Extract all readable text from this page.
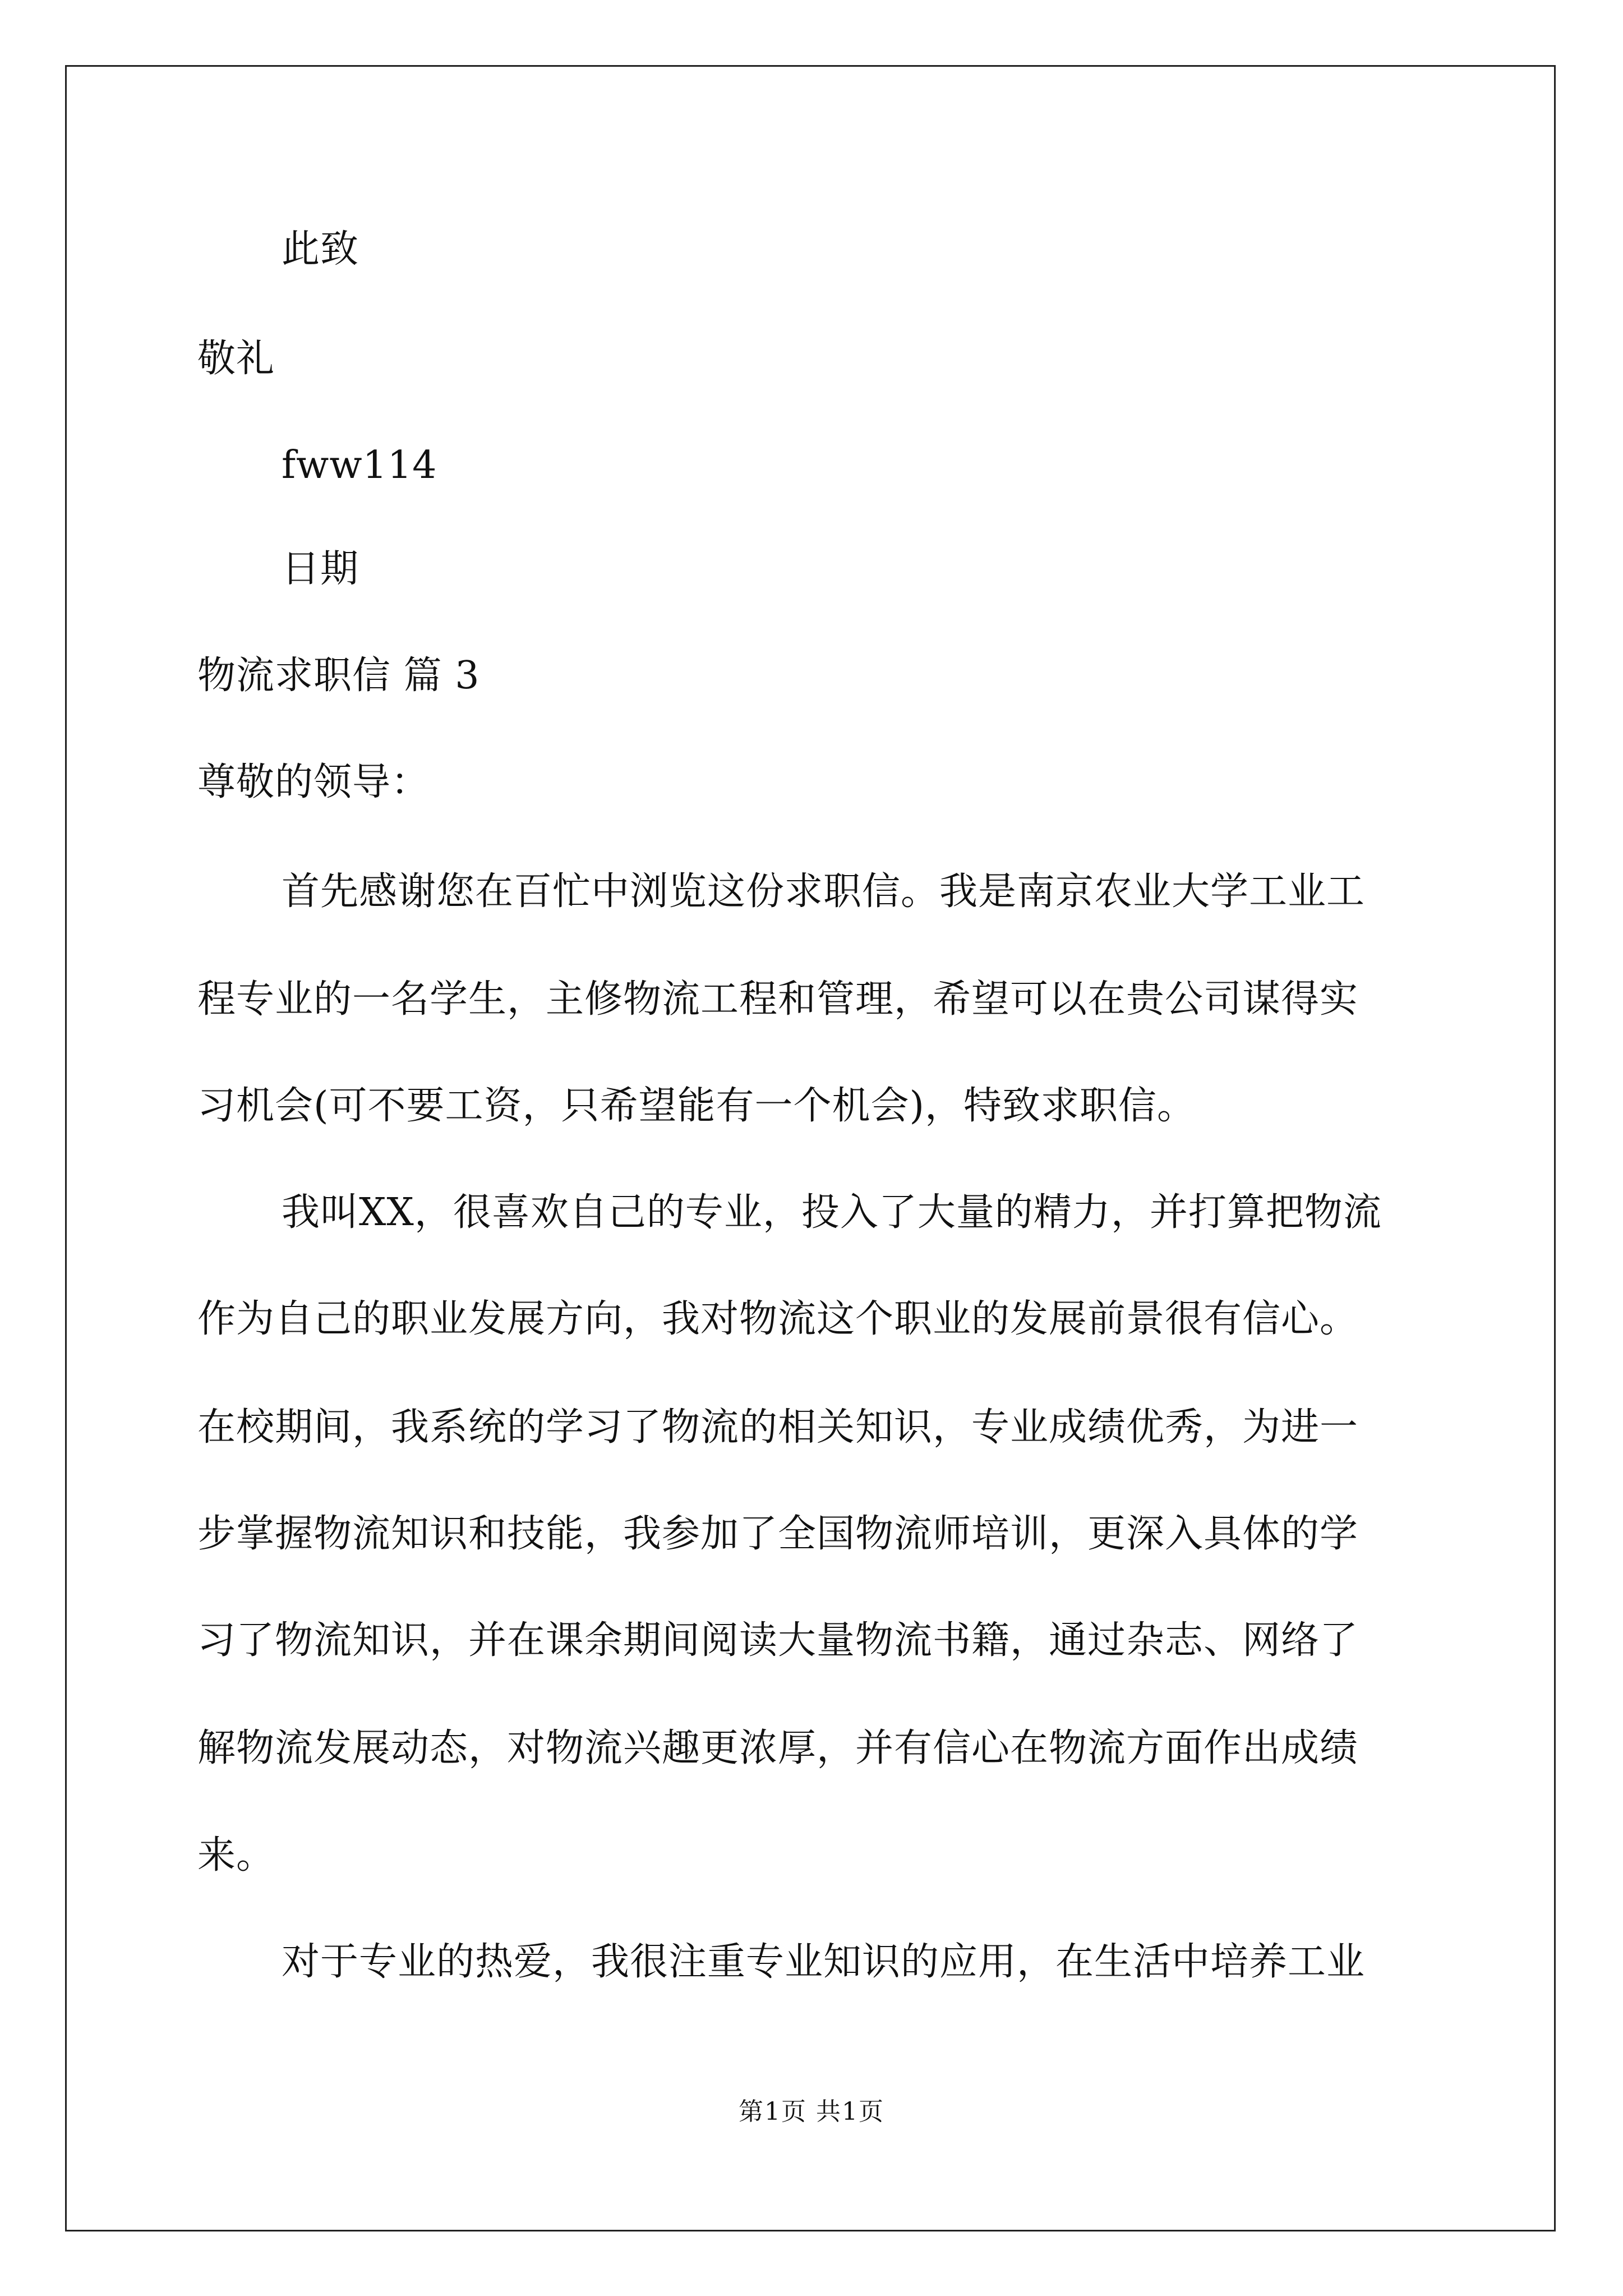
此致
敬礼
fww114
日期
物流求职信 篇 3
尊敬的领导：
首先感谢您在百忙中浏览这份求职信。我是南京农业大学工业工
程专业的一名学生，主修物流工程和管理，希望可以在贵公司谋得实
习机会(可不要工资，只希望能有一个机会)，特致求职信。
我叫XX，很喜欢自己的专业，投入了大量的精力，并打算把物流
作为自己的职业发展方向，我对物流这个职业的发展前景很有信心。
在校期间，我系统的学习了物流的相关知识，专业成绩优秀，为进一
步掌握物流知识和技能，我参加了全国物流师培训，更深入具体的学
习了物流知识，并在课余期间阅读大量物流书籍，通过杂志、网络了
解物流发展动态，对物流兴趣更浓厚，并有信心在物流方面作出成绩
来。
对于专业的热爱，我很注重专业知识的应用，在生活中培养工业
第1页 共1页
